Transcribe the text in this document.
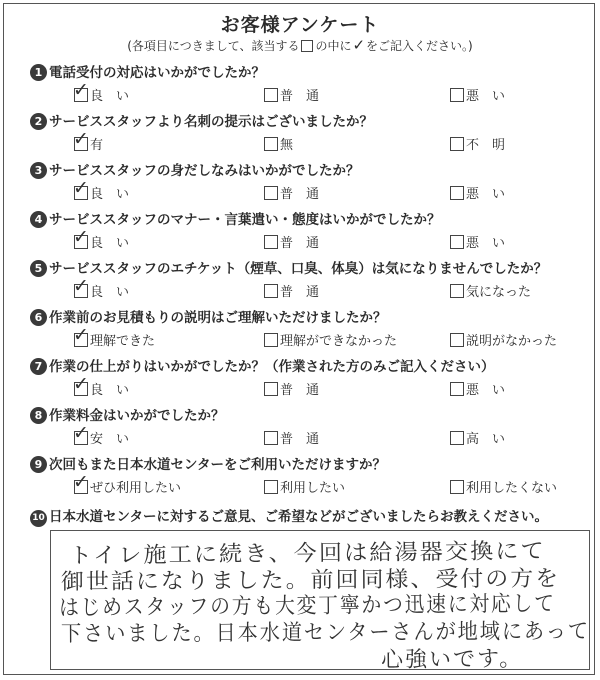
お客様アンケート
(各項目につきまして、該当する の中に✓をご記入ください。)
1 電話受付の対応はいかがでしたか？
✓ 良　い	普　通	悪　い
2 サービススタッフより名刺の提示はございましたか？
✓ 有	無	不　明
3 サービススタッフの身だしなみはいかがでしたか？
✓ 良　い	普　通	悪　い
4 サービススタッフのマナー・言葉遣い・態度はいかがでしたか？
✓ 良　い	普　通	悪　い
5 サービススタッフのエチケット（煙草、口臭、体臭）は気になりませんでしたか？
✓ 良　い	普　通	気になった
6 作業前のお見積もりの説明はご理解いただけましたか？
✓ 理解できた	理解ができなかった	説明がなかった
7 作業の仕上がりはいかがでしたか？（作業された方のみご記入ください）
✓ 良　い	普　通	悪　い
8 作業料金はいかがでしたか？
✓ 安　い	普　通	高　い
9 次回もまた日本水道センターをご利用いただけますか？
✓ ぜひ利用したい	利用したい	利用したくない
10 日本水道センターに対するご意見、ご希望などがございましたらお教えください。
トイレ施工に続き、今回は給湯器交換にて
御世話になりました。前回同様、受付の方を
はじめスタッフの方も大変丁寧かつ迅速に対応して
下さいました。日本水道センターさんが地域にあって
心強いです。
